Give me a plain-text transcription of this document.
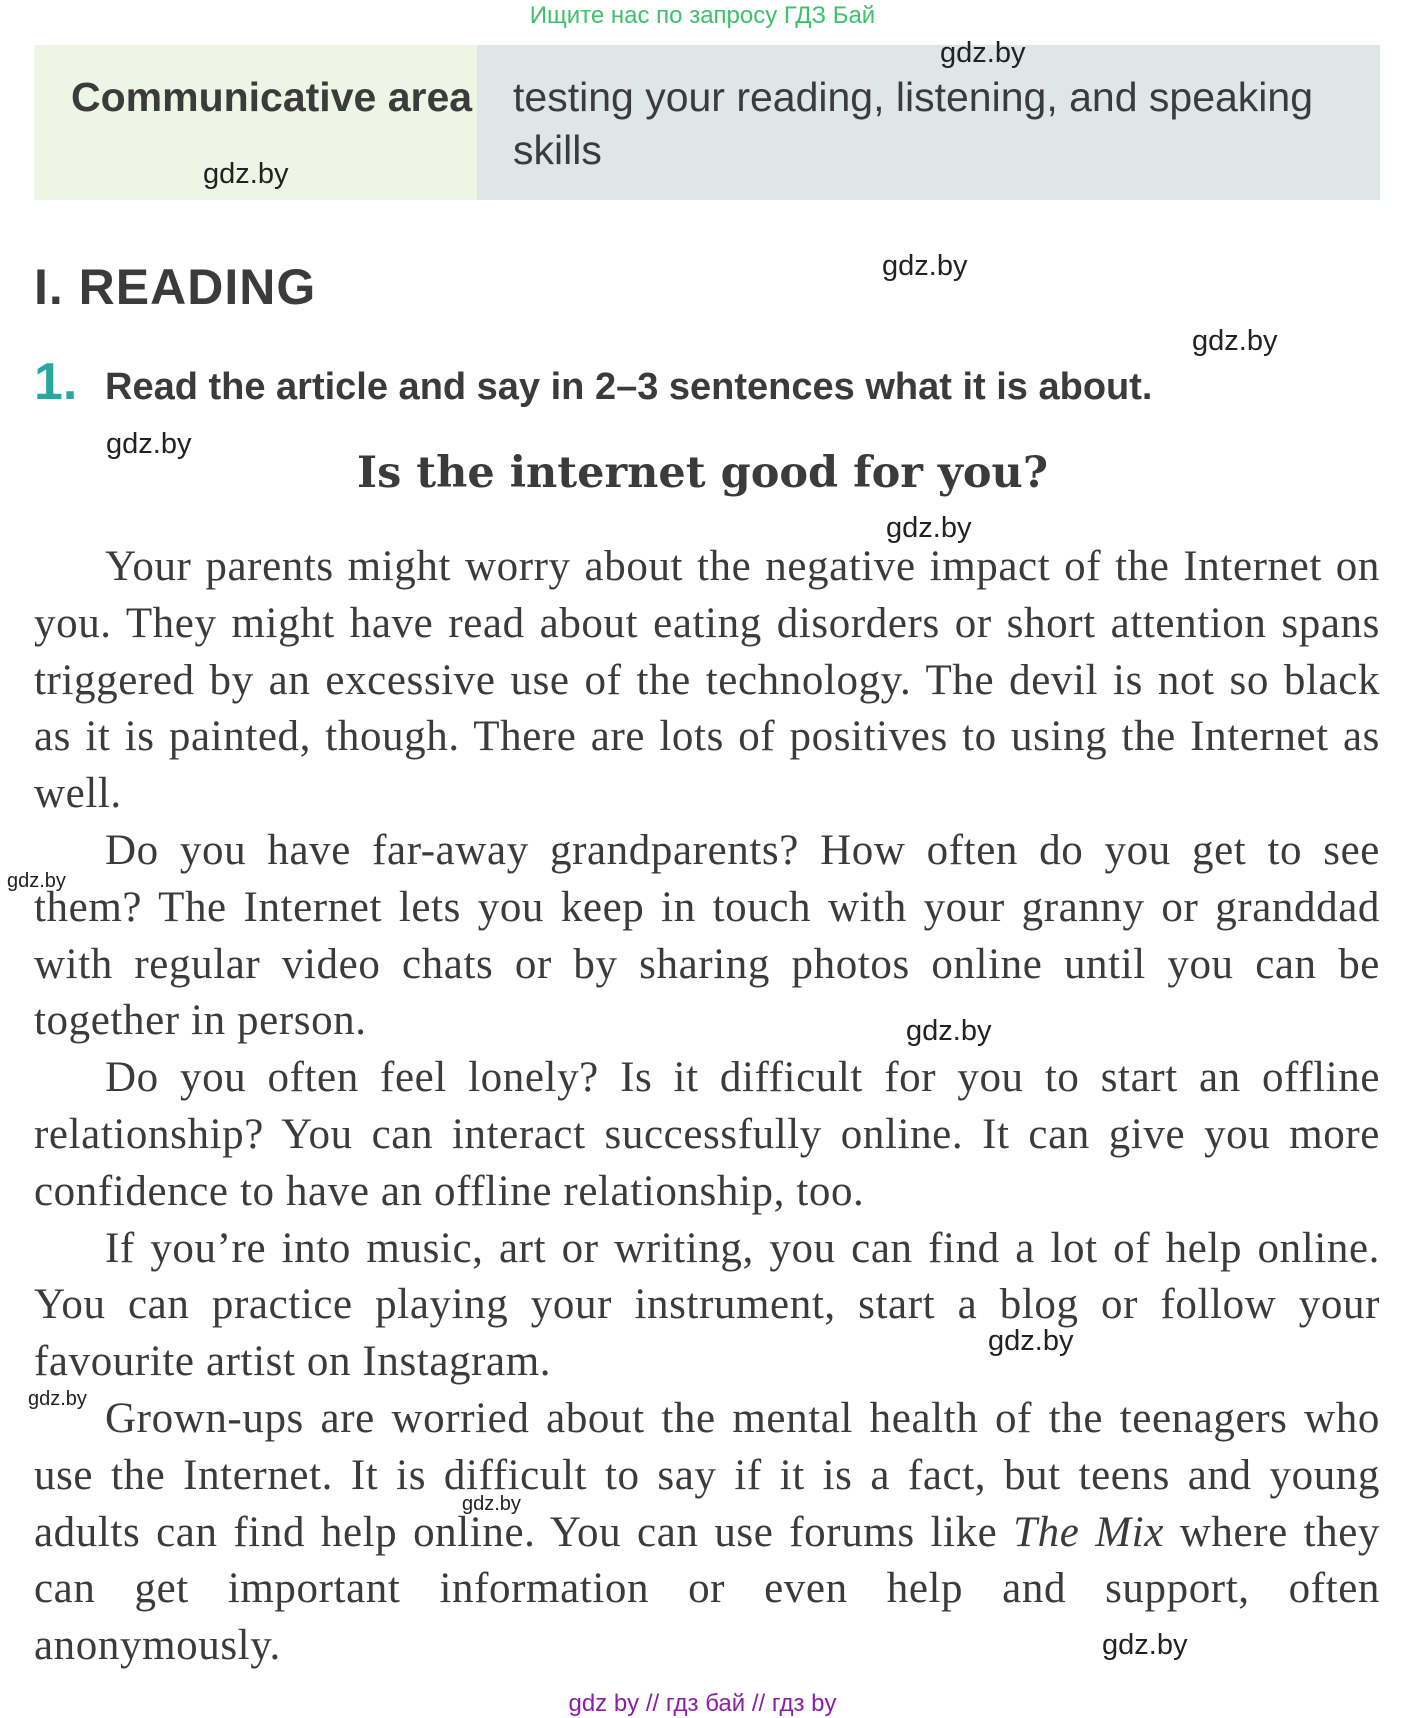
Ищите нас по запросу ГДЗ Бай
Communicative area testing your reading, listening, and speaking skills
I. READING
1. Read the article and say in 2–3 sentences what it is about.
Is the internet good for you?

Your parents might worry about the negative impact of the Internet on you. They might have read about eating disorders or short attention spans triggered by an excessive use of the technology. The devil is not so black as it is painted, though. There are lots of positives to using the Internet as well.

Do you have far-away grandparents? How often do you get to see them? The Internet lets you keep in touch with your granny or granddad with regular video chats or by sharing photos online until you can be together in person.

Do you often feel lonely? Is it difficult for you to start an offline relationship? You can interact successfully online. It can give you more confidence to have an offline relationship, too.

If you’re into music, art or writing, you can find a lot of help online. You can practice playing your instrument, start a blog or follow your favourite artist on Instagram.

Grown-ups are worried about the mental health of the teenagers who use the Internet. It is difficult to say if it is a fact, but teens and young adults can find help online. You can use forums like The Mix where they can get important information or even help and support, often anonymously.

gdz.by
gdz.by
gdz.by
gdz.by
gdz.by
gdz.by
gdz.by
gdz.by
gdz.by
gdz.by
gdz.by
gdz.by
gdz by // гдз бай // гдз by
